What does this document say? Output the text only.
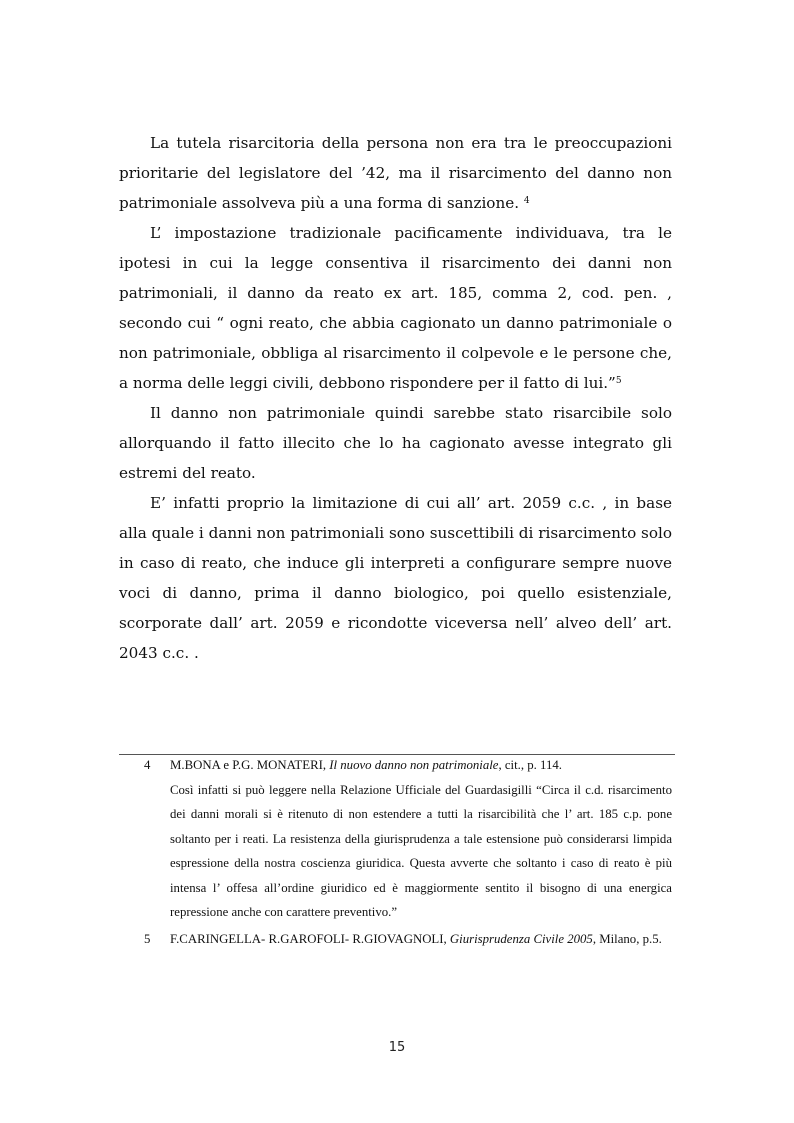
La tutela risarcitoria della persona non era tra le preoccupazioni prioritarie del legislatore del ’42, ma il risarcimento del danno non patrimoniale assolveva più a una forma di sanzione. $^4$

L’ impostazione tradizionale pacificamente individuava, tra le ipotesi in cui la legge consentiva il risarcimento dei danni non patrimoniali, il danno da reato ex art. 185, comma 2, cod. pen. , secondo cui “ ogni reato, che abbia cagionato un danno patrimoniale o non patrimoniale, obbliga al risarcimento il colpevole e le persone che, a norma delle leggi civili, debbono rispondere per il fatto di lui.”$^5$

Il danno non patrimoniale quindi sarebbe stato risarcibile solo allorquando il fatto illecito che lo ha cagionato avesse integrato gli estremi del reato.

E’ infatti proprio la limitazione di cui all’ art. 2059 c.c. , in base alla quale i danni non patrimoniali sono suscettibili di risarcimento solo in caso di reato, che induce gli interpreti a configurare sempre nuove voci di danno, prima il danno biologico, poi quello esistenziale, scorporate dall’ art. 2059 e ricondotte viceversa nell’ alveo dell’ art. 2043 c.c. .

4 M.BONA e P.G. MONATERI, Il nuovo danno non patrimoniale, cit., p. 114.

Così infatti si può leggere nella Relazione Ufficiale del Guardasigilli “Circa il c.d. risarcimento dei danni morali si è ritenuto di non estendere a tutti la risarcibilità che l’ art. 185 c.p. pone soltanto per i reati. La resistenza della giurisprudenza a tale estensione può considerarsi limpida espressione della nostra coscienza giuridica. Questa avverte che soltanto i caso di reato è più intensa l’ offesa all’ordine giuridico ed è maggiormente sentito il bisogno di una energica repressione anche con carattere preventivo.”

5 F.CARINGELLA- R.GAROFOLI- R.GIOVAGNOLI, Giurisprudenza Civile 2005, Milano, p.5.

15
